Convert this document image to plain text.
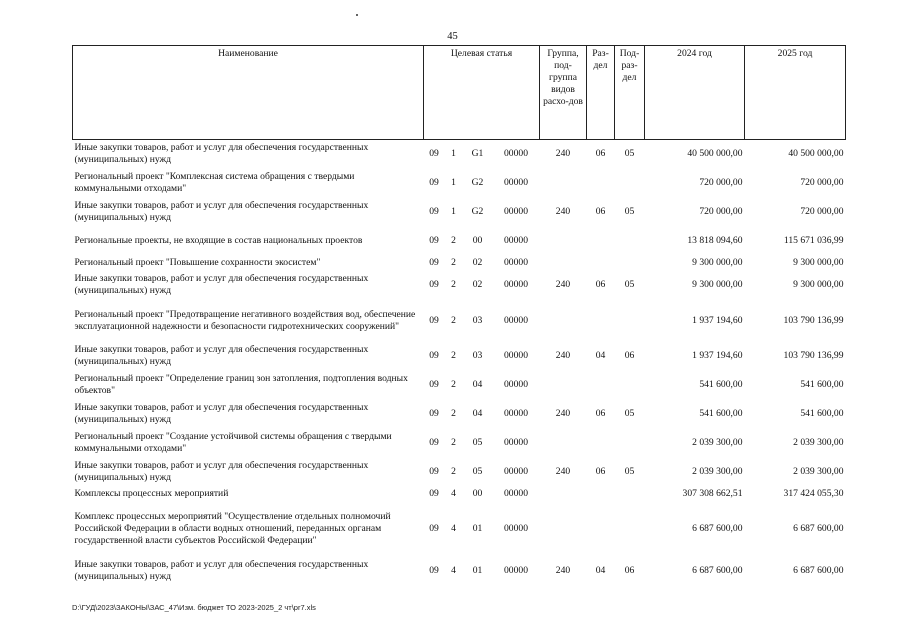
45
Наименование	Целевая статья				Группа, под-группа видов расхо-дов	Раз-дел	Под-раз-дел	2024 год	2025 год
Иные закупки товаров, работ и услуг для обеспечения государственных (муниципальных) нужд	09	1	G1	00000	240	06	05	40 500 000,00	40 500 000,00
Региональный проект "Комплексная система обращения с твердыми коммунальными отходами"	09	1	G2	00000				720 000,00	720 000,00
Иные закупки товаров, работ и услуг для обеспечения государственных (муниципальных) нужд	09	1	G2	00000	240	06	05	720 000,00	720 000,00
Региональные проекты, не входящие в состав национальных проектов	09	2	00	00000				13 818 094,60	115 671 036,99
Региональный проект "Повышение сохранности экосистем"	09	2	02	00000				9 300 000,00	9 300 000,00
Иные закупки товаров, работ и услуг для обеспечения государственных (муниципальных) нужд	09	2	02	00000	240	06	05	9 300 000,00	9 300 000,00
Региональный проект "Предотвращение негативного воздействия вод, обеспечение эксплуатационной надежности и безопасности гидротехнических сооружений"	09	2	03	00000				1 937 194,60	103 790 136,99
Иные закупки товаров, работ и услуг для обеспечения государственных (муниципальных) нужд	09	2	03	00000	240	04	06	1 937 194,60	103 790 136,99
Региональный проект "Определение границ зон затопления, подтопления водных объектов"	09	2	04	00000				541 600,00	541 600,00
Иные закупки товаров, работ и услуг для обеспечения государственных (муниципальных) нужд	09	2	04	00000	240	06	05	541 600,00	541 600,00
Региональный проект "Создание устойчивой системы обращения с твердыми коммунальными отходами"	09	2	05	00000				2 039 300,00	2 039 300,00
Иные закупки товаров, работ и услуг для обеспечения государственных (муниципальных) нужд	09	2	05	00000	240	06	05	2 039 300,00	2 039 300,00
Комплексы процессных мероприятий	09	4	00	00000				307 308 662,51	317 424 055,30
Комплекс процессных мероприятий "Осуществление отдельных полномочий Российской Федерации в области водных отношений, переданных органам государственной власти субъектов Российской Федерации"	09	4	01	00000				6 687 600,00	6 687 600,00
Иные закупки товаров, работ и услуг для обеспечения государственных (муниципальных) нужд	09	4	01	00000	240	04	06	6 687 600,00	6 687 600,00
D:\ГУД\2023\ЗАКОНЫ\ЗАС_47\Изм. бюджет ТО 2023-2025_2 чт\pr7.xls
